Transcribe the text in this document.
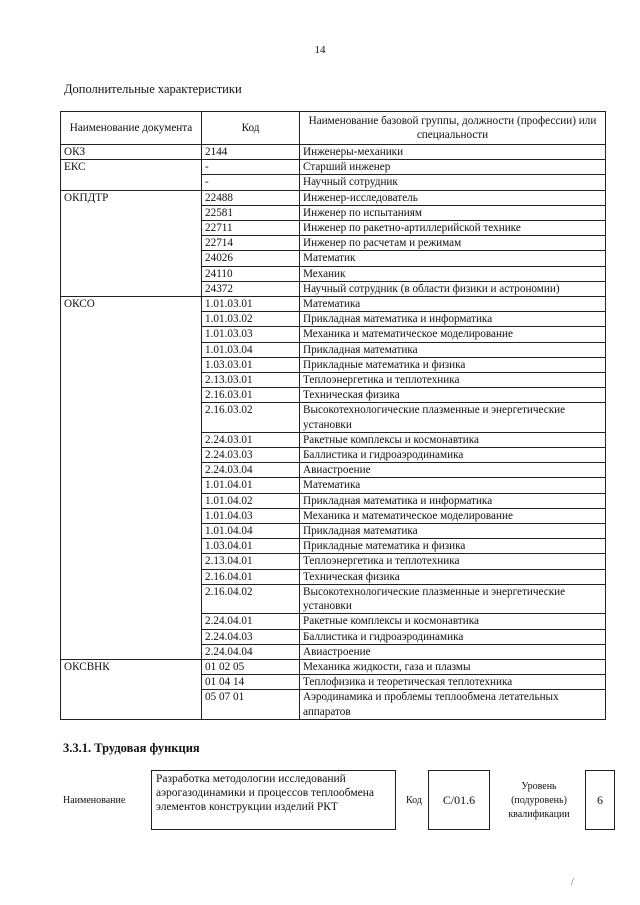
14
Дополнительные характеристики
Наименование документа	Код	Наименование базовой группы, должности (профессии) или специальности
ОКЗ	2144	Инженеры-механики
ЕКС	-	Старший инженер
	-	Научный сотрудник
ОКПДТР	22488	Инженер-исследователь
	22581	Инженер по испытаниям
	22711	Инженер по ракетно-артиллерийской технике
	22714	Инженер по расчетам и режимам
	24026	Математик
	24110	Механик
	24372	Научный сотрудник (в области физики и астрономии)
ОКСО	1.01.03.01	Математика
	1.01.03.02	Прикладная математика и информатика
	1.01.03.03	Механика и математическое моделирование
	1.01.03.04	Прикладная математика
	1.03.03.01	Прикладные математика и физика
	2.13.03.01	Теплоэнергетика и теплотехника
	2.16.03.01	Техническая физика
	2.16.03.02	Высокотехнологические плазменные и энергетические установки
	2.24.03.01	Ракетные комплексы и космонавтика
	2.24.03.03	Баллистика и гидроаэродинамика
	2.24.03.04	Авиастроение
	1.01.04.01	Математика
	1.01.04.02	Прикладная математика и информатика
	1.01.04.03	Механика и математическое моделирование
	1.01.04.04	Прикладная математика
	1.03.04.01	Прикладные математика и физика
	2.13.04.01	Теплоэнергетика и теплотехника
	2.16.04.01	Техническая физика
	2.16.04.02	Высокотехнологические плазменные и энергетические установки
	2.24.04.01	Ракетные комплексы и космонавтика
	2.24.04.03	Баллистика и гидроаэродинамика
	2.24.04.04	Авиастроение
ОКСВНК	01 02 05	Механика жидкости, газа и плазмы
	01 04 14	Теплофизика и теоретическая теплотехника
	05 07 01	Аэродинамика и проблемы теплообмена летательных аппаратов
3.3.1. Трудовая функция
Наименование
Разработка методологии исследований аэрогазодинамики и процессов теплообмена элементов конструкции изделий РКТ
Код	С/01.6
Уровень (подуровень) квалификации
6
/
